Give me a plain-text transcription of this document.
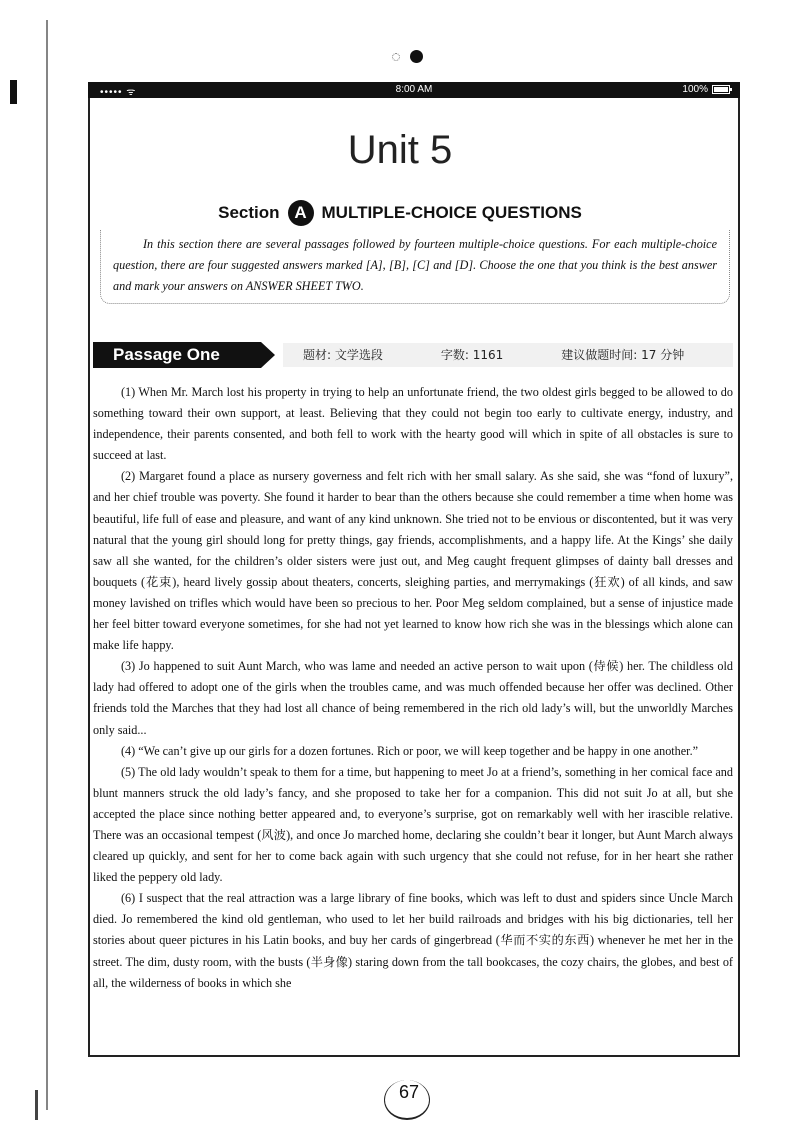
••••• ᯤ	8:00 AM	100%
Unit 5
Section A MULTIPLE-CHOICE QUESTIONS
In this section there are several passages followed by fourteen multiple-choice questions. For each multiple-choice question, there are four suggested answers marked [A], [B], [C] and [D]. Choose the one that you think is the best answer and mark your answers on ANSWER SHEET TWO.
Passage One	题材: 文学选段	字数: 1161	建议做题时间: 17 分钟

(1) When Mr. March lost his property in trying to help an unfortunate friend, the two oldest girls begged to be allowed to do something toward their own support, at least. Believing that they could not begin too early to cultivate energy, industry, and independence, their parents consented, and both fell to work with the hearty good will which in spite of all obstacles is sure to succeed at last.

(2) Margaret found a place as nursery governess and felt rich with her small salary. As she said, she was “fond of luxury”, and her chief trouble was poverty. She found it harder to bear than the others because she could remember a time when home was beautiful, life full of ease and pleasure, and want of any kind unknown. She tried not to be envious or discontented, but it was very natural that the young girl should long for pretty things, gay friends, accomplishments, and a happy life. At the Kings’ she daily saw all she wanted, for the children’s older sisters were just out, and Meg caught frequent glimpses of dainty ball dresses and bouquets (花束), heard lively gossip about theaters, concerts, sleighing parties, and merrymakings (狂欢) of all kinds, and saw money lavished on trifles which would have been so precious to her. Poor Meg seldom complained, but a sense of injustice made her feel bitter toward everyone sometimes, for she had not yet learned to know how rich she was in the blessings which alone can make life happy.

(3) Jo happened to suit Aunt March, who was lame and needed an active person to wait upon (侍候) her. The childless old lady had offered to adopt one of the girls when the troubles came, and was much offended because her offer was declined. Other friends told the Marches that they had lost all chance of being remembered in the rich old lady’s will, but the unworldly Marches only said...

(4) “We can’t give up our girls for a dozen fortunes. Rich or poor, we will keep together and be happy in one another.”

(5) The old lady wouldn’t speak to them for a time, but happening to meet Jo at a friend’s, something in her comical face and blunt manners struck the old lady’s fancy, and she proposed to take her for a companion. This did not suit Jo at all, but she accepted the place since nothing better appeared and, to everyone’s surprise, got on remarkably well with her irascible relative. There was an occasional tempest (风波), and once Jo marched home, declaring she couldn’t bear it longer, but Aunt March always cleared up quickly, and sent for her to come back again with such urgency that she could not refuse, for in her heart she rather liked the peppery old lady.

(6) I suspect that the real attraction was a large library of fine books, which was left to dust and spiders since Uncle March died. Jo remembered the kind old gentleman, who used to let her build railroads and bridges with his big dictionaries, tell her stories about queer pictures in his Latin books, and buy her cards of gingerbread (华而不实的东西) whenever he met her in the street. The dim, dusty room, with the busts (半身像) staring down from the tall bookcases, the cozy chairs, the globes, and best of all, the wilderness of books in which she

67
